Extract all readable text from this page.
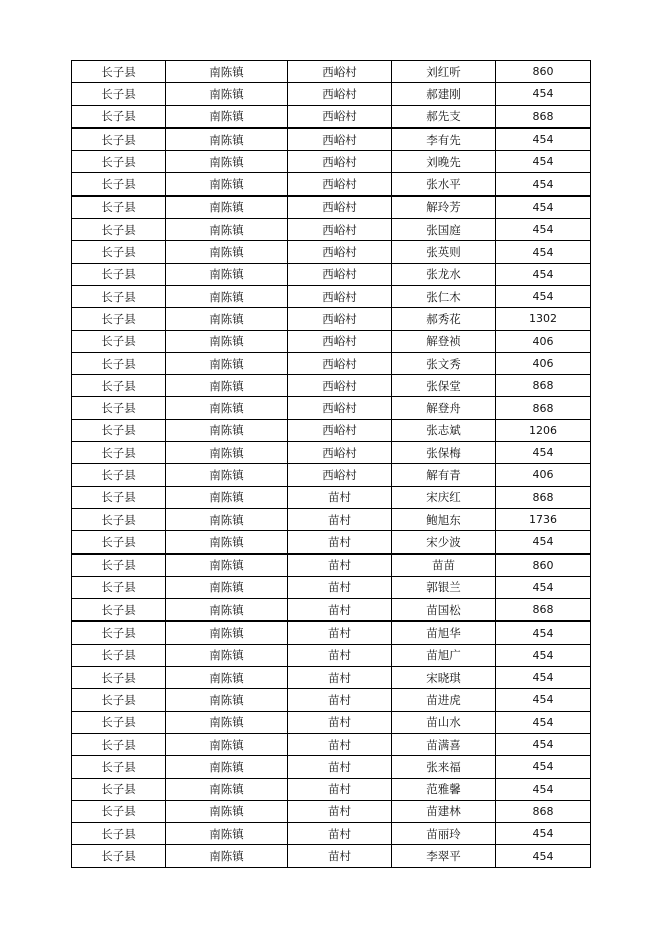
长子县	南陈镇	西峪村	刘红听	860
长子县	南陈镇	西峪村	郝建刚	454
长子县	南陈镇	西峪村	郝先支	868
长子县	南陈镇	西峪村	李有先	454
长子县	南陈镇	西峪村	刘晚先	454
长子县	南陈镇	西峪村	张水平	454
长子县	南陈镇	西峪村	解玲芳	454
长子县	南陈镇	西峪村	张国庭	454
长子县	南陈镇	西峪村	张英则	454
长子县	南陈镇	西峪村	张龙水	454
长子县	南陈镇	西峪村	张仁木	454
长子县	南陈镇	西峪村	郝秀花	1302
长子县	南陈镇	西峪村	解登祯	406
长子县	南陈镇	西峪村	张文秀	406
长子县	南陈镇	西峪村	张保堂	868
长子县	南陈镇	西峪村	解登舟	868
长子县	南陈镇	西峪村	张志斌	1206
长子县	南陈镇	西峪村	张保梅	454
长子县	南陈镇	西峪村	解有青	406
长子县	南陈镇	苗村	宋庆红	868
长子县	南陈镇	苗村	鲍旭东	1736
长子县	南陈镇	苗村	宋少波	454
长子县	南陈镇	苗村	苗苗	860
长子县	南陈镇	苗村	郭银兰	454
长子县	南陈镇	苗村	苗国松	868
长子县	南陈镇	苗村	苗旭华	454
长子县	南陈镇	苗村	苗旭广	454
长子县	南陈镇	苗村	宋晓琪	454
长子县	南陈镇	苗村	苗进虎	454
长子县	南陈镇	苗村	苗山水	454
长子县	南陈镇	苗村	苗满喜	454
长子县	南陈镇	苗村	张来福	454
长子县	南陈镇	苗村	范雅馨	454
长子县	南陈镇	苗村	苗建林	868
长子县	南陈镇	苗村	苗丽玲	454
长子县	南陈镇	苗村	李翠平	454
